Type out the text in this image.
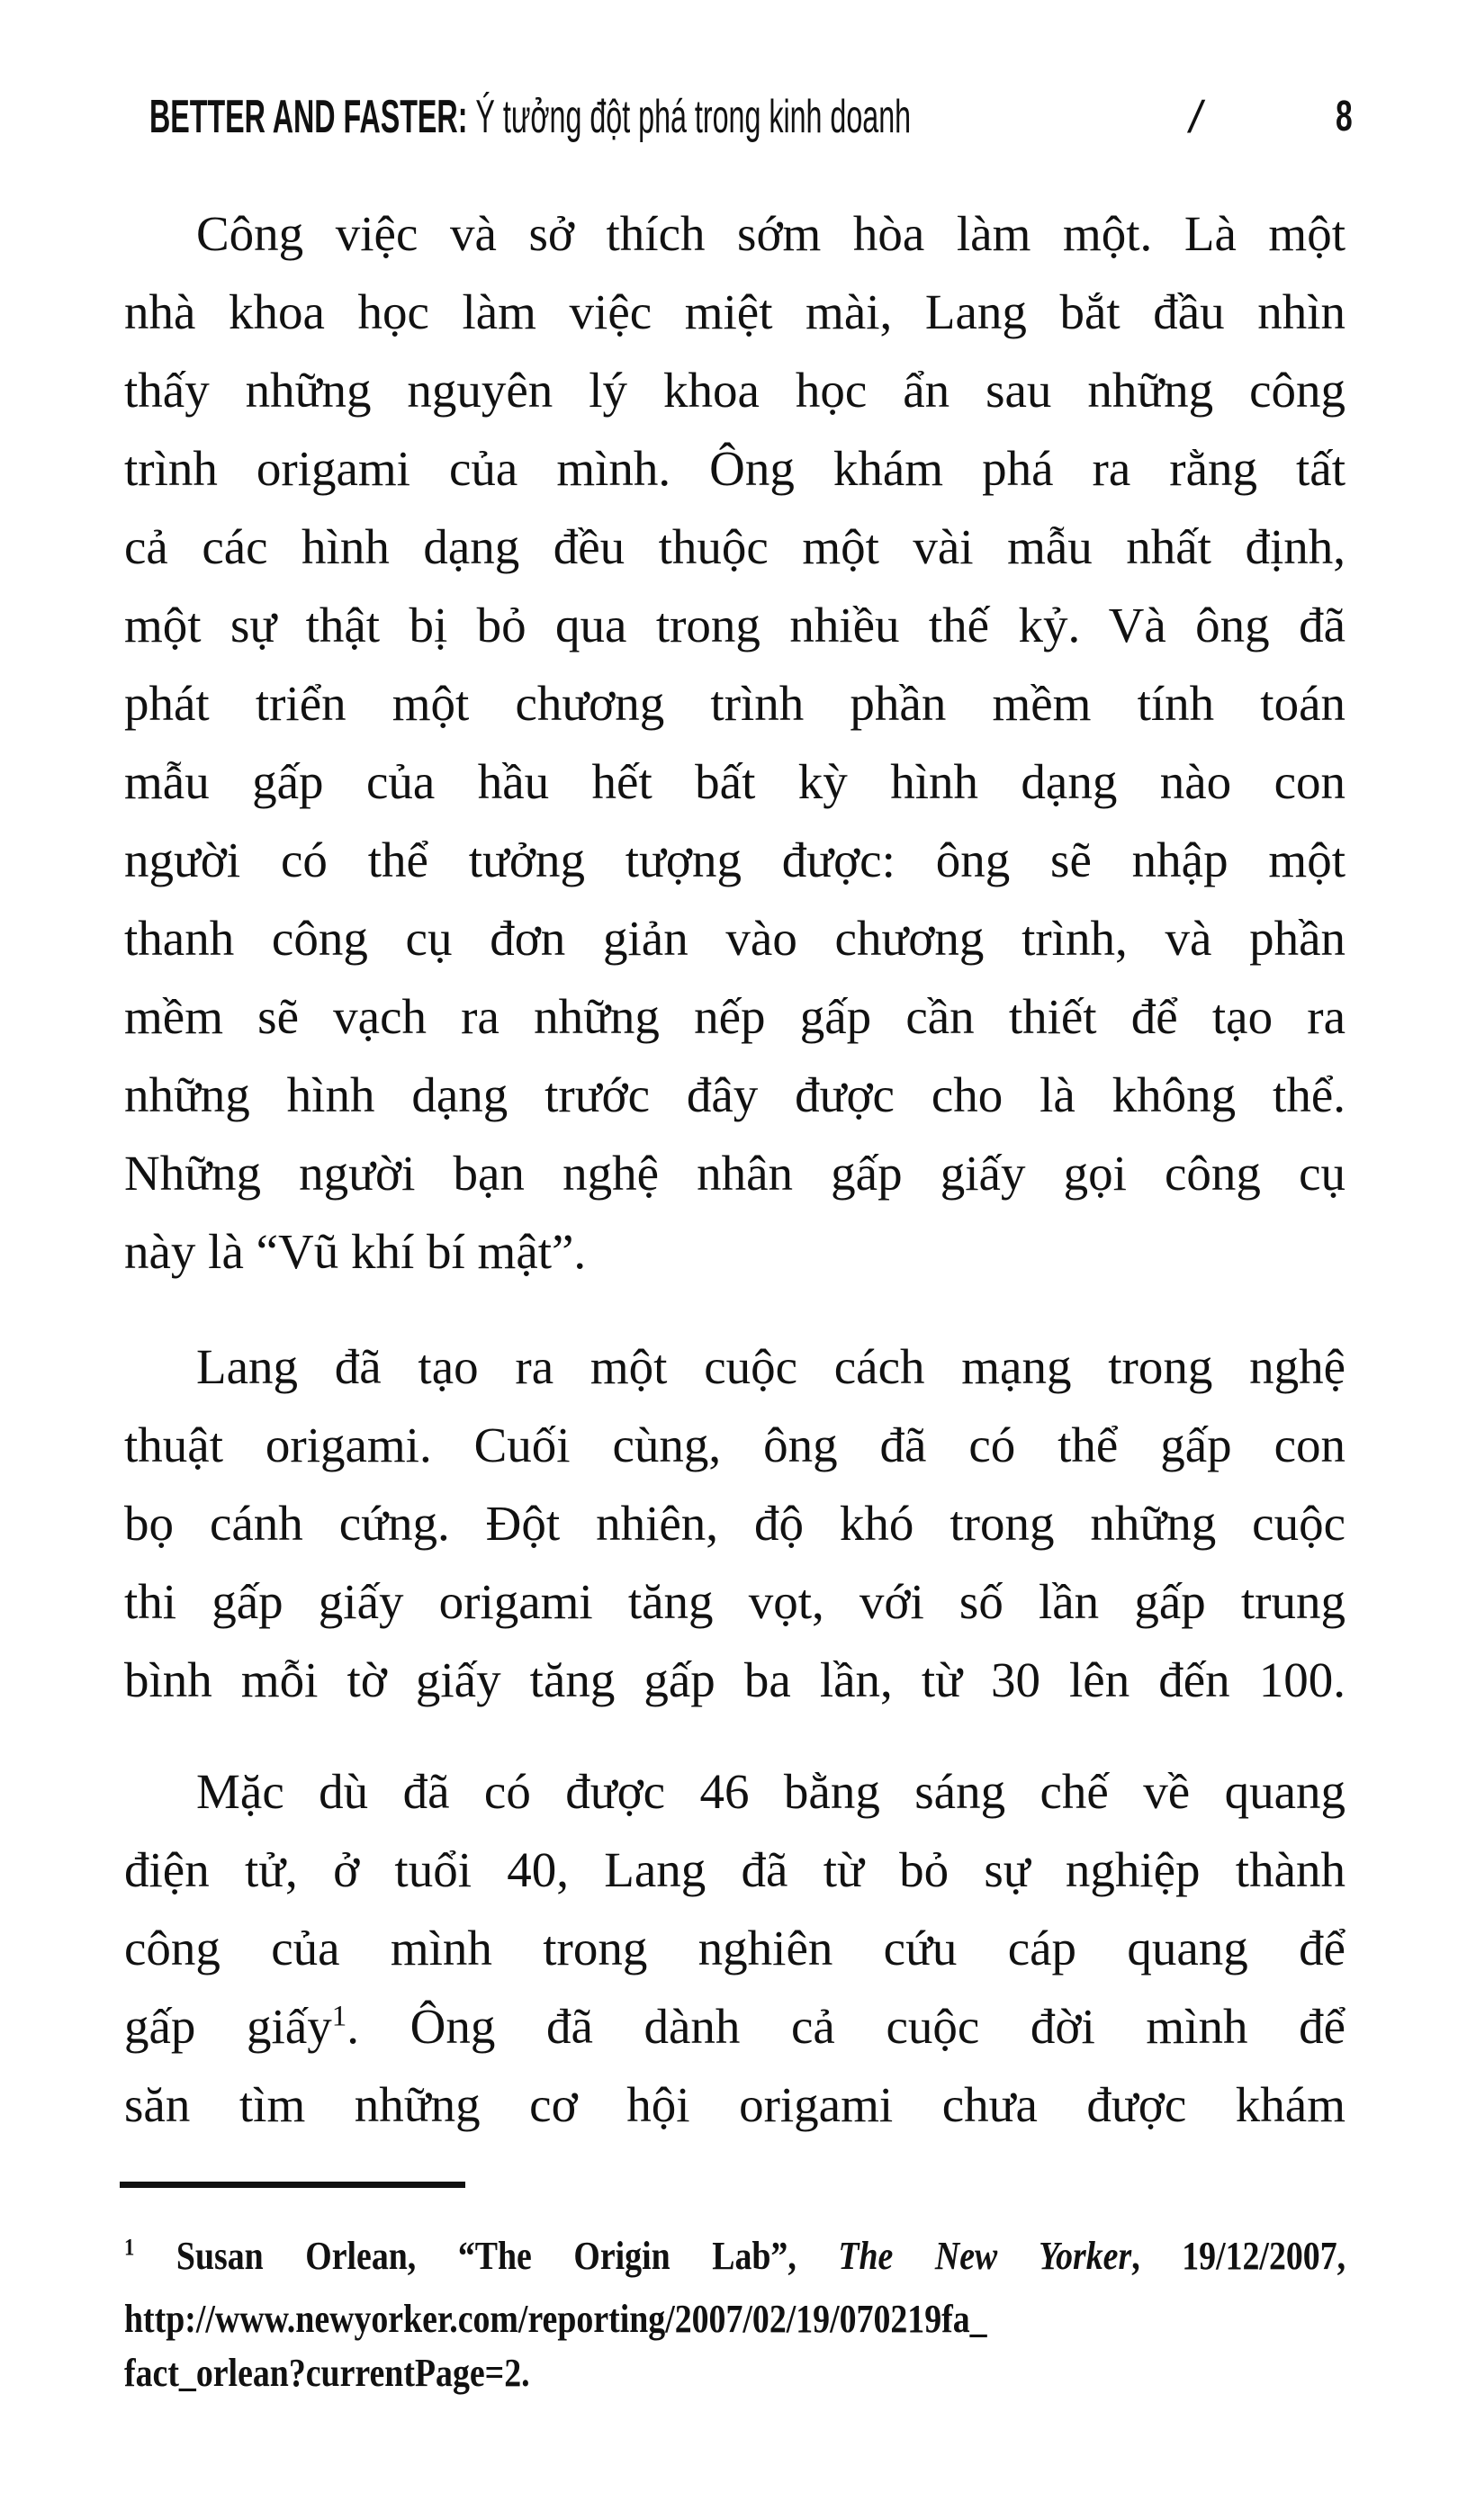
BETTER AND FASTER: Ý tưởng đột phá trong kinh doanh	/	8
Công việc và sở thích sớm hòa làm một. Là một
nhà khoa học làm việc miệt mài, Lang bắt đầu nhìn
thấy những nguyên lý khoa học ẩn sau những công
trình origami của mình. Ông khám phá ra rằng tất
cả các hình dạng đều thuộc một vài mẫu nhất định,
một sự thật bị bỏ qua trong nhiều thế kỷ. Và ông đã
phát triển một chương trình phần mềm tính toán
mẫu gấp của hầu hết bất kỳ hình dạng nào con
người có thể tưởng tượng được: ông sẽ nhập một
thanh công cụ đơn giản vào chương trình, và phần
mềm sẽ vạch ra những nếp gấp cần thiết để tạo ra
những hình dạng trước đây được cho là không thể.
Những người bạn nghệ nhân gấp giấy gọi công cụ
này là “Vũ khí bí mật”.
Lang đã tạo ra một cuộc cách mạng trong nghệ
thuật origami. Cuối cùng, ông đã có thể gấp con
bọ cánh cứng. Đột nhiên, độ khó trong những cuộc
thi gấp giấy origami tăng vọt, với số lần gấp trung
bình mỗi tờ giấy tăng gấp ba lần, từ 30 lên đến 100.
Mặc dù đã có được 46 bằng sáng chế về quang
điện tử, ở tuổi 40, Lang đã từ bỏ sự nghiệp thành
công của mình trong nghiên cứu cáp quang để
gấp giấy$^1$. Ông đã dành cả cuộc đời mình để
săn tìm những cơ hội origami chưa được khám
$^1$ Susan Orlean, “The Origin Lab”, The New Yorker, 19/12/2007,
http://www.newyorker.com/reporting/2007/02/19/070219fa_
fact_orlean?currentPage=2.
